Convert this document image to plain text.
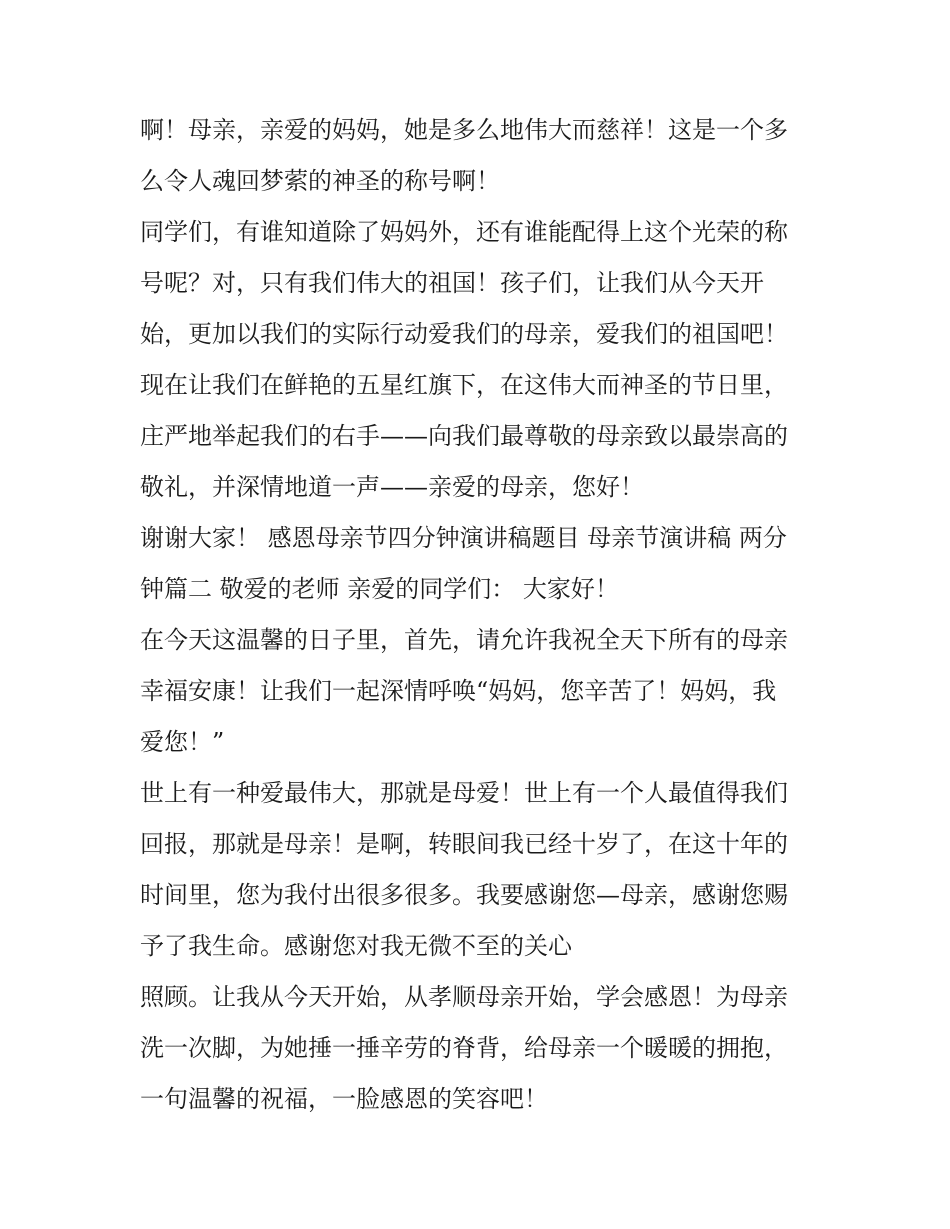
啊！母亲，亲爱的妈妈，她是多么地伟大而慈祥！这是一个多
么令人魂回梦萦的神圣的称号啊！
同学们，有谁知道除了妈妈外，还有谁能配得上这个光荣的称
号呢？对，只有我们伟大的祖国！孩子们，让我们从今天开
始，更加以我们的实际行动爱我们的母亲，爱我们的祖国吧！
现在让我们在鲜艳的五星红旗下，在这伟大而神圣的节日里，
庄严地举起我们的右手——向我们最尊敬的母亲致以最崇高的
敬礼，并深情地道一声——亲爱的母亲，您好！
谢谢大家！ 感恩母亲节四分钟演讲稿题目 母亲节演讲稿 两分
钟篇二 敬爱的老师 亲爱的同学们： 大家好！
在今天这温馨的日子里，首先，请允许我祝全天下所有的母亲
幸福安康！让我们一起深情呼唤“妈妈，您辛苦了！妈妈，我
爱您！”
世上有一种爱最伟大，那就是母爱！世上有一个人最值得我们
回报，那就是母亲！是啊，转眼间我已经十岁了，在这十年的
时间里，您为我付出很多很多。我要感谢您—母亲，感谢您赐
予了我生命。感谢您对我无微不至的关心
照顾。让我从今天开始，从孝顺母亲开始，学会感恩！为母亲
洗一次脚，为她捶一捶辛劳的脊背，给母亲一个暖暖的拥抱，
一句温馨的祝福，一脸感恩的笑容吧！
